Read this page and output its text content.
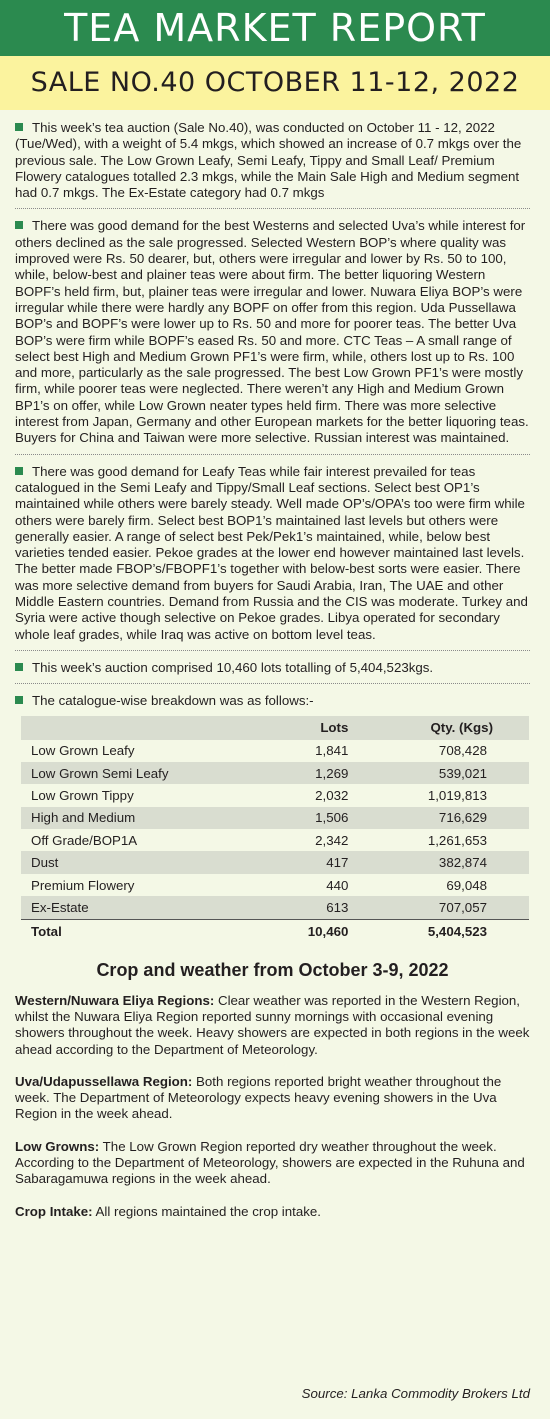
TEA MARKET REPORT
SALE NO.40 OCTOBER 11-12, 2022

This week’s tea auction (Sale No.40), was conducted on October 11 - 12, 2022 (Tue/Wed), with a weight of 5.4 mkgs, which showed an increase of 0.7 mkgs over the previous sale. The Low Grown Leafy, Semi Leafy, Tippy and Small Leaf/ Premium Flowery catalogues totalled 2.3 mkgs, while the Main Sale High and Medium segment had 0.7 mkgs. The Ex-Estate category had 0.7 mkgs

There was good demand for the best Westerns and selected Uva’s while interest for others declined as the sale progressed. Selected Western BOP’s where quality was improved were Rs. 50 dearer, but, others were irregular and lower by Rs. 50 to 100, while, below-best and plainer teas were about firm. The better liquoring Western BOPF’s held firm, but, plainer teas were irregular and lower. Nuwara Eliya BOP’s were irregular while there were hardly any BOPF on offer from this region. Uda Pussellawa BOP’s and BOPF’s were lower up to Rs. 50 and more for poorer teas. The better Uva BOP’s were firm while BOPF’s eased Rs. 50 and more. CTC Teas – A small range of select best High and Medium Grown PF1’s were firm, while, others lost up to Rs. 100 and more, particularly as the sale progressed. The best Low Grown PF1’s were mostly firm, while poorer teas were neglected. There weren’t any High and Medium Grown BP1’s on offer, while Low Grown neater types held firm. There was more selective interest from Japan, Germany and other European markets for the better liquoring teas. Buyers for China and Taiwan were more selective. Russian interest was maintained.

There was good demand for Leafy Teas while fair interest prevailed for teas catalogued in the Semi Leafy and Tippy/Small Leaf sections. Select best OP1’s maintained while others were barely steady. Well made OP’s/OPA’s too were firm while others were barely firm. Select best BOP1’s maintained last levels but others were generally easier. A range of select best Pek/Pek1’s maintained, while, below best varieties tended easier. Pekoe grades at the lower end however maintained last levels. The better made FBOP’s/FBOPF1’s together with below-best sorts were easier. There was more selective demand from buyers for Saudi Arabia, Iran, The UAE and other Middle Eastern countries. Demand from Russia and the CIS was moderate. Turkey and Syria were active though selective on Pekoe grades. Libya operated for secondary whole leaf grades, while Iraq was active on bottom level teas.

This week’s auction comprised 10,460 lots totalling of 5,404,523kgs.

The catalogue-wise breakdown was as follows:-

	Lots	Qty. (Kgs)
Low Grown Leafy	1,841	708,428
Low Grown Semi Leafy	1,269	539,021
Low Grown Tippy	2,032	1,019,813
High and Medium	1,506	716,629
Off Grade/BOP1A	2,342	1,261,653
Dust	417	382,874
Premium Flowery	440	69,048
Ex-Estate	613	707,057
Total	10,460	5,404,523
Crop and weather from October 3-9, 2022

Western/Nuwara Eliya Regions: Clear weather was reported in the Western Region, whilst the Nuwara Eliya Region reported sunny mornings with occasional evening showers throughout the week. Heavy showers are expected in both regions in the week ahead according to the Department of Meteorology.

Uva/Udapussellawa Region: Both regions reported bright weather throughout the week. The Department of Meteorology expects heavy evening showers in the Uva Region in the week ahead.

Low Growns: The Low Grown Region reported dry weather throughout the week. According to the Department of Meteorology, showers are expected in the Ruhuna and Sabaragamuwa regions in the week ahead.

Crop Intake: All regions maintained the crop intake.

Source: Lanka Commodity Brokers Ltd
